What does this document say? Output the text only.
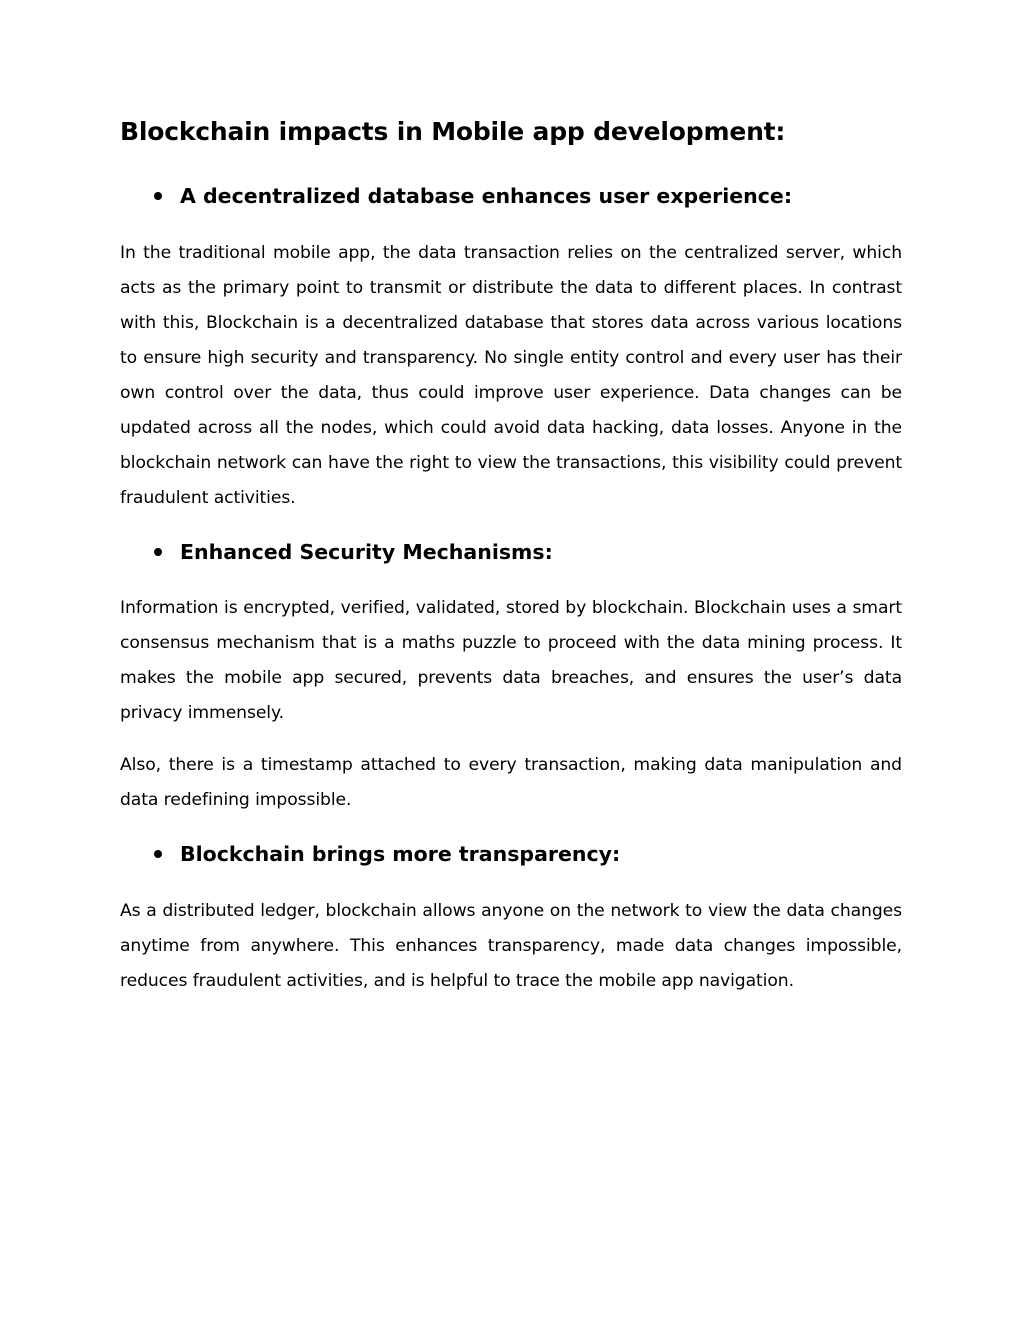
Blockchain impacts in Mobile app development:
A decentralized database enhances user experience:

In the traditional mobile app, the data transaction relies on the centralized server, which acts as the primary point to transmit or distribute the data to different places. In contrast with this, Blockchain is a decentralized database that stores data across various locations to ensure high security and transparency. No single entity control and every user has their own control over the data, thus could improve user experience. Data changes can be updated across all the nodes, which could avoid data hacking, data losses. Anyone in the blockchain network can have the right to view the transactions, this visibility could prevent fraudulent activities.

Enhanced Security Mechanisms:

Information is encrypted, verified, validated, stored by blockchain. Blockchain uses a smart consensus mechanism that is a maths puzzle to proceed with the data mining process. It makes the mobile app secured, prevents data breaches, and ensures the user’s data privacy immensely.

Also, there is a timestamp attached to every transaction, making data manipulation and data redefining impossible.

Blockchain brings more transparency:

As a distributed ledger, blockchain allows anyone on the network to view the data changes anytime from anywhere. This enhances transparency, made data changes impossible, reduces fraudulent activities, and is helpful to trace the mobile app navigation.
